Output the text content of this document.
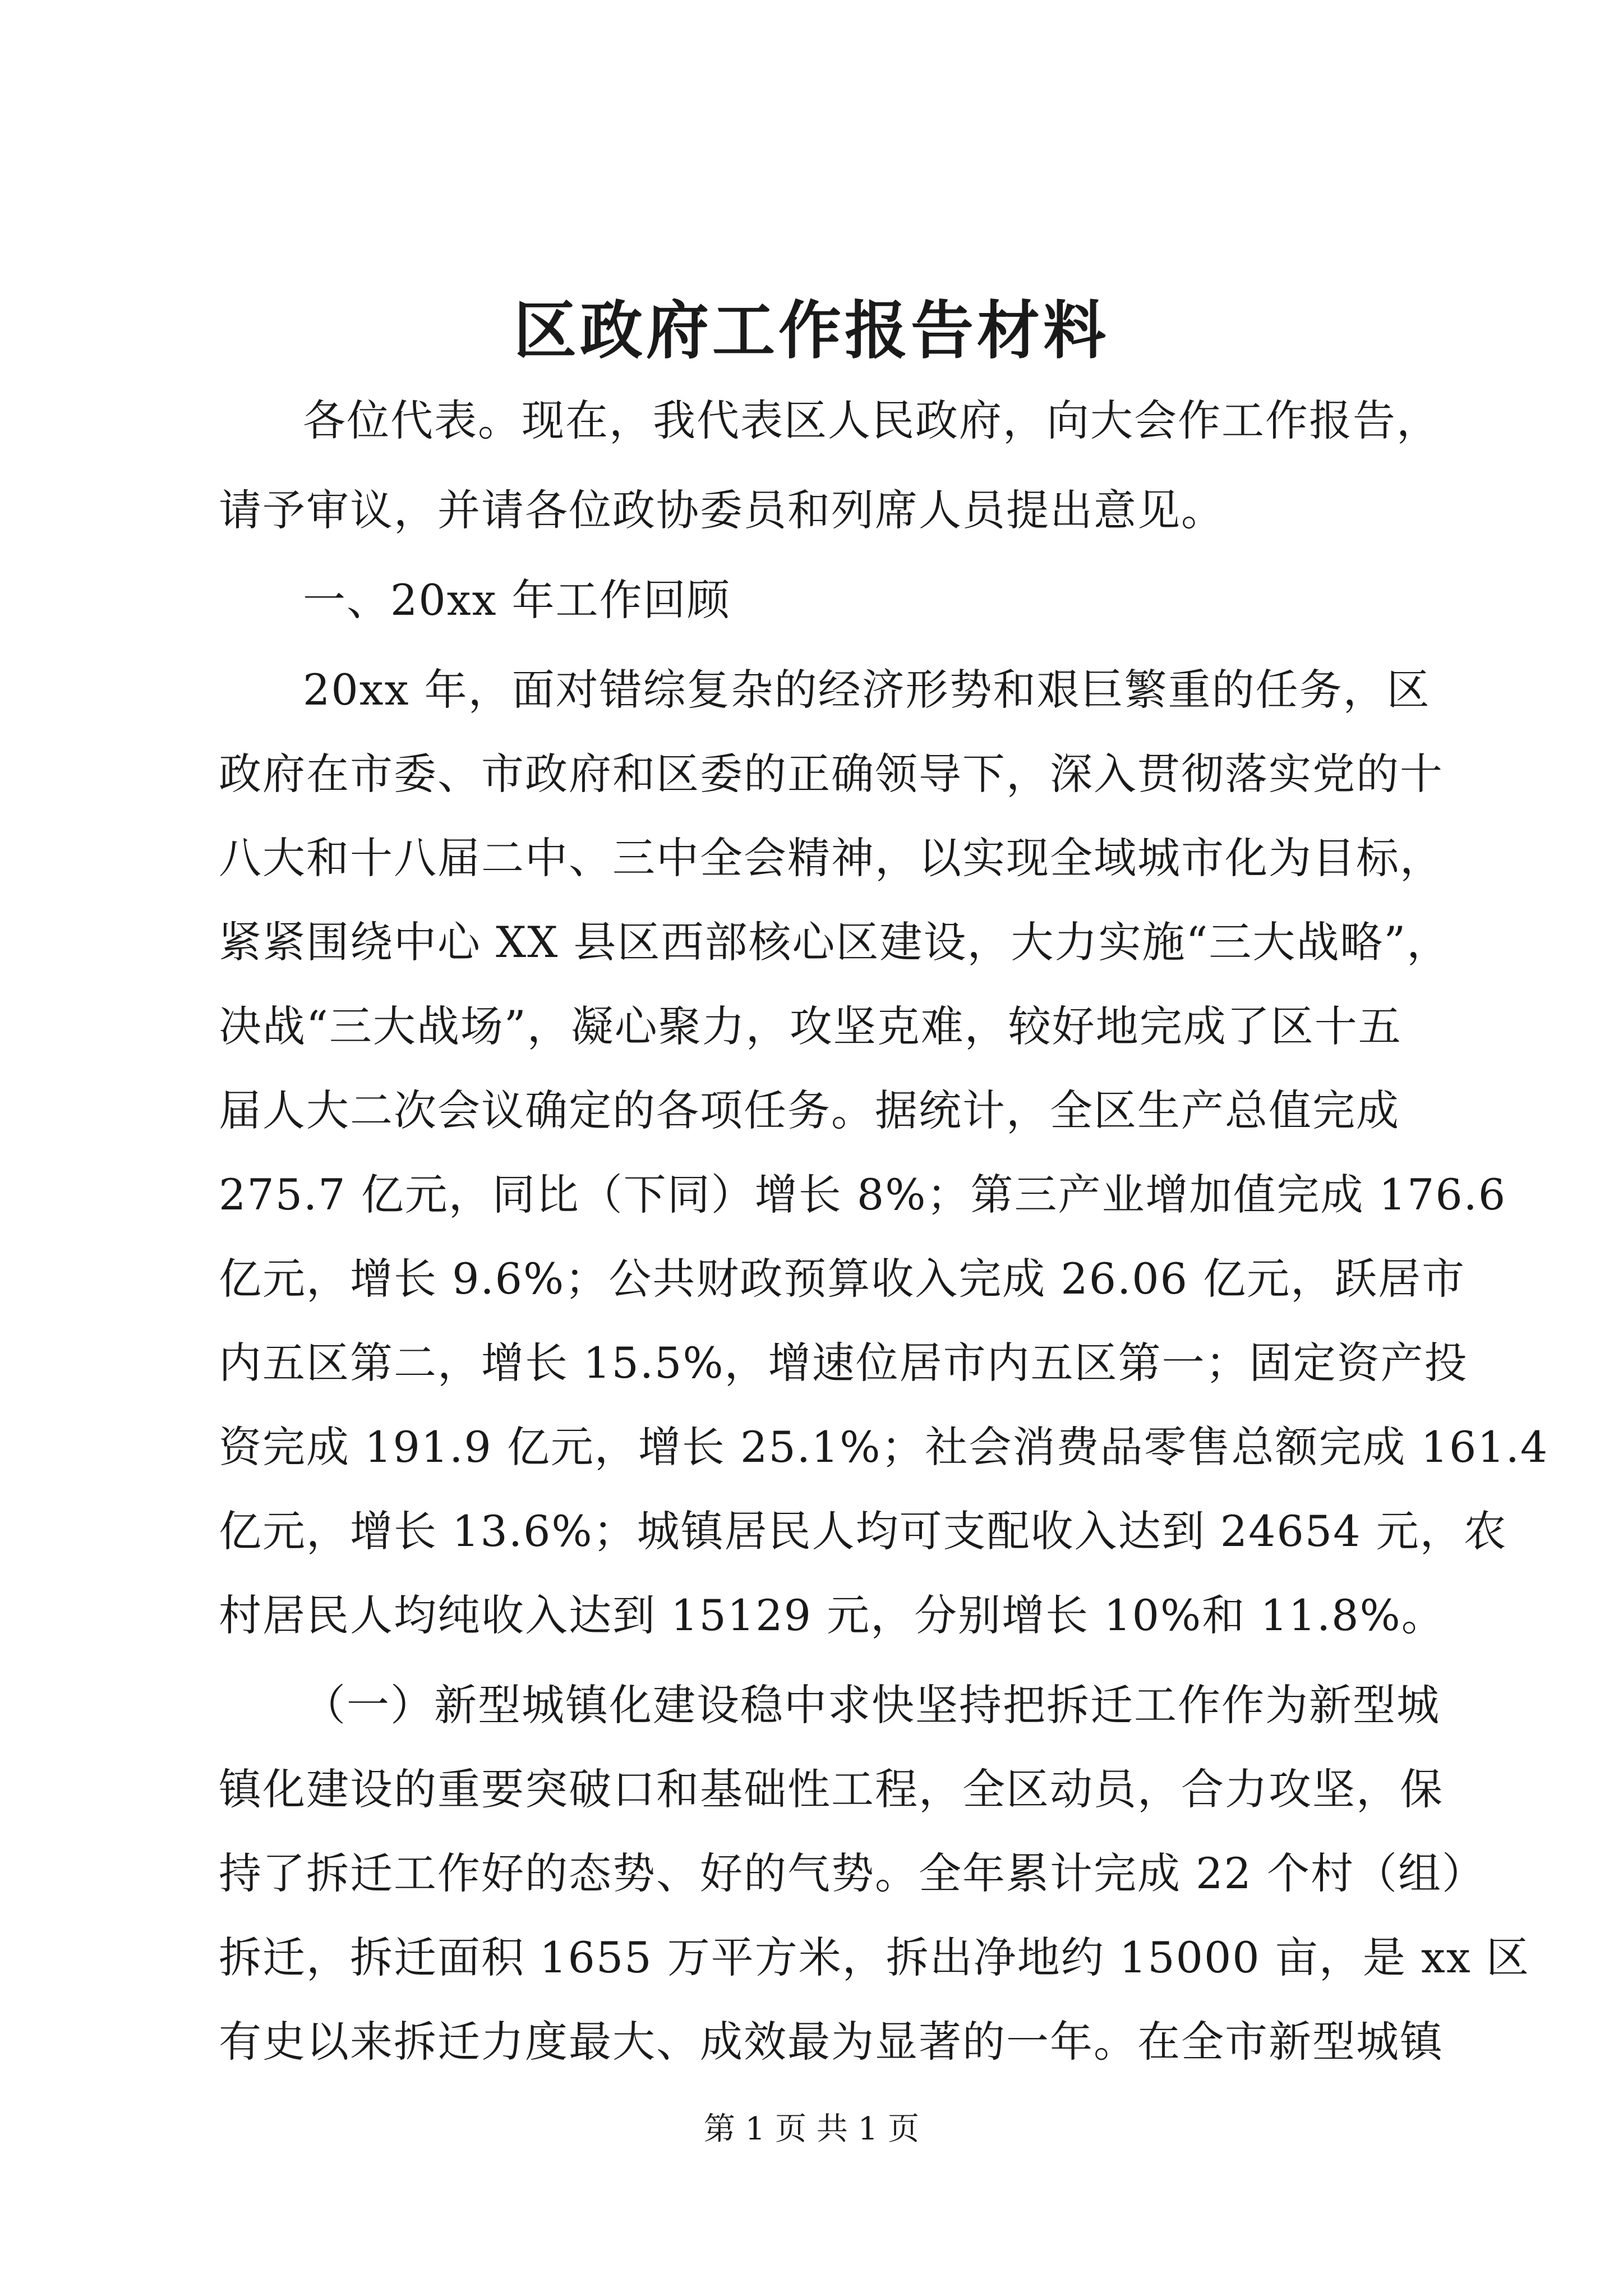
区政府工作报告材料
各位代表。现在，我代表区人民政府，向大会作工作报告，
请予审议，并请各位政协委员和列席人员提出意见。
一、20xx 年工作回顾
20xx 年，面对错综复杂的经济形势和艰巨繁重的任务，区
政府在市委、市政府和区委的正确领导下，深入贯彻落实党的十
八大和十八届二中、三中全会精神，以实现全域城市化为目标，
紧紧围绕中心 XX 县区西部核心区建设，大力实施“三大战略”，
决战“三大战场”，凝心聚力，攻坚克难，较好地完成了区十五
届人大二次会议确定的各项任务。据统计，全区生产总值完成
275.7 亿元，同比（下同）增长 8%；第三产业增加值完成 176.6
亿元，增长 9.6%；公共财政预算收入完成 26.06 亿元，跃居市
内五区第二，增长 15.5%，增速位居市内五区第一；固定资产投
资完成 191.9 亿元，增长 25.1%；社会消费品零售总额完成 161.4
亿元，增长 13.6%；城镇居民人均可支配收入达到 24654 元，农
村居民人均纯收入达到 15129 元，分别增长 10%和 11.8%。
（一）新型城镇化建设稳中求快坚持把拆迁工作作为新型城
镇化建设的重要突破口和基础性工程，全区动员，合力攻坚，保
持了拆迁工作好的态势、好的气势。全年累计完成 22 个村（组）
拆迁，拆迁面积 1655 万平方米，拆出净地约 15000 亩，是 xx 区
有史以来拆迁力度最大、成效最为显著的一年。在全市新型城镇
第 1 页 共 1 页
